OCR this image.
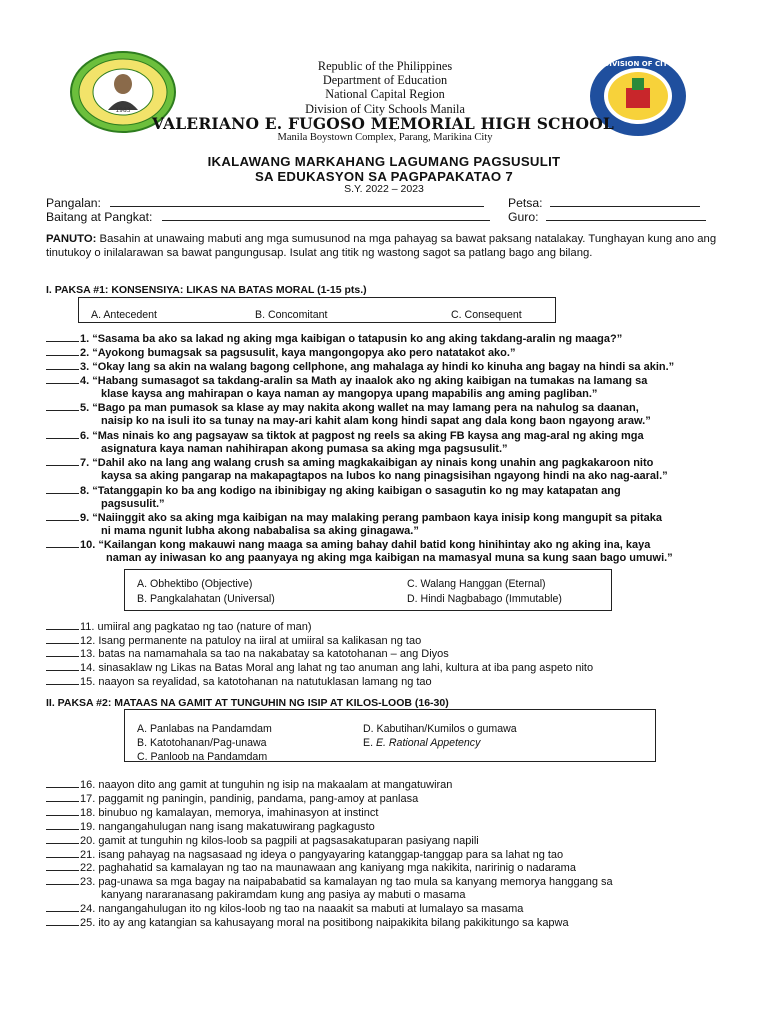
1983
DIVISION OF CITY
Republic of the Philippines
Department of Education
National Capital Region
Division of City Schools Manila
VALERIANO E. FUGOSO MEMORIAL HIGH SCHOOL
Manila Boystown Complex, Parang, Marikina City
IKALAWANG MARKAHANG LAGUMANG PAGSUSULIT
SA EDUKASYON SA PAGPAPAKATAO 7
S.Y. 2022 – 2023
Pangalan:	Petsa:
Baitang at Pangkat:	Guro:
PANUTO: Basahin at unawaing mabuti ang mga sumusunod na mga pahayag sa bawat paksang natalakay. Tunghayan kung ano ang tinutukoy o inilalarawan sa bawat pangungusap. Isulat ang titik ng wastong sagot sa patlang bago ang bilang.
I. PAKSA #1: KONSENSIYA: LIKAS NA BATAS MORAL (1-15 pts.)
A. Antecedent	B. Concomitant	C. Consequent
1. “Sasama ba ako sa lakad ng aking mga kaibigan o tatapusin ko ang aking takdang-aralin ng maaga?”
2. “Ayokong bumagsak sa pagsusulit, kaya mangongopya ako pero natatakot ako.”
3. “Okay lang sa akin na walang bagong cellphone, ang mahalaga ay hindi ko kinuha ang bagay na hindi sa akin.”
4. “Habang sumasagot sa takdang-aralin sa Math ay inaalok ako ng aking kaibigan na tumakas na lamang sa
klase kaysa ang mahirapan o kaya naman ay mangopya upang mapabilis ang aming pagliban.”
5. “Bago pa man pumasok sa klase ay may nakita akong wallet na may lamang pera na nahulog sa daanan,
naisip ko na isuli ito sa tunay na may-ari kahit alam kong hindi sapat ang dala kong baon ngayong araw.”
6. “Mas ninais ko ang pagsayaw sa tiktok at pagpost ng reels sa aking FB kaysa ang mag-aral ng aking mga
asignatura kaya naman nahihirapan akong pumasa sa aking mga pagsusulit.”
7. “Dahil ako na lang ang walang crush sa aming magkakaibigan ay ninais kong unahin ang pagkakaroon nito
kaysa sa aking pangarap na makapagtapos na lubos ko nang pinagsisihan ngayong hindi na ako nag-aaral.”
8. “Tatanggapin ko ba ang kodigo na ibinibigay ng aking kaibigan o sasagutin ko ng may katapatan ang
pagsusulit.”
9. “Naiinggit ako sa aking mga kaibigan na may malaking perang pambaon kaya inisip kong mangupit sa pitaka
ni mama ngunit lubha akong nababalisa sa aking ginagawa.”
10. “Kailangan kong makauwi nang maaga sa aming bahay dahil batid kong hinihintay ako ng aking ina, kaya
naman ay iniwasan ko ang paanyaya ng aking mga kaibigan na mamasyal muna sa kung saan bago umuwi.”
A. Obhektibo (Objective)
B. Pangkalahatan (Universal)
C. Walang Hanggan (Eternal)
D. Hindi Nagbabago (Immutable)
11. umiiral ang pagkatao ng tao (nature of man)
12. Isang permanente na patuloy na iiral at umiiral sa kalikasan ng tao
13. batas na namamahala sa tao na nakabatay sa katotohanan – ang Diyos
14. sinasaklaw ng Likas na Batas Moral ang lahat ng tao anuman ang lahi, kultura at iba pang aspeto nito
15. naayon sa reyalidad, sa katotohanan na natutuklasan lamang ng tao
II. PAKSA #2: MATAAS NA GAMIT AT TUNGUHIN NG ISIP AT KILOS-LOOB (16-30)
A. Panlabas na Pandamdam
B. Katotohanan/Pag-unawa
C. Panloob na Pandamdam
D. Kabutihan/Kumilos o gumawa
E. E. Rational Appetency
16. naayon dito ang gamit at tunguhin ng isip na makaalam at mangatuwiran
17. paggamit ng paningin, pandinig, pandama, pang-amoy at panlasa
18. binubuo ng kamalayan, memorya, imahinasyon at instinct
19. nangangahulugan nang isang makatuwirang pagkagusto
20. gamit at tunguhin ng kilos-loob sa pagpili at pagsasakatuparan pasiyang napili
21. isang pahayag na nagsasaad ng ideya o pangyayaring katanggap-tanggap para sa lahat ng tao
22. paghahatid sa kamalayan ng tao na maunawaan ang kaniyang mga nakikita, naririnig o nadarama
23. pag-unawa sa mga bagay na naipababatid sa kamalayan ng tao mula sa kanyang memorya hanggang sa
kanyang nararanasang pakiramdam kung ang pasiya ay mabuti o masama
24. nangangahulugan ito ng kilos-loob ng tao na naaakit sa mabuti at lumalayo sa masama
25. ito ay ang katangian sa kahusayang moral na positibong naipakikita bilang pakikitungo sa kapwa
